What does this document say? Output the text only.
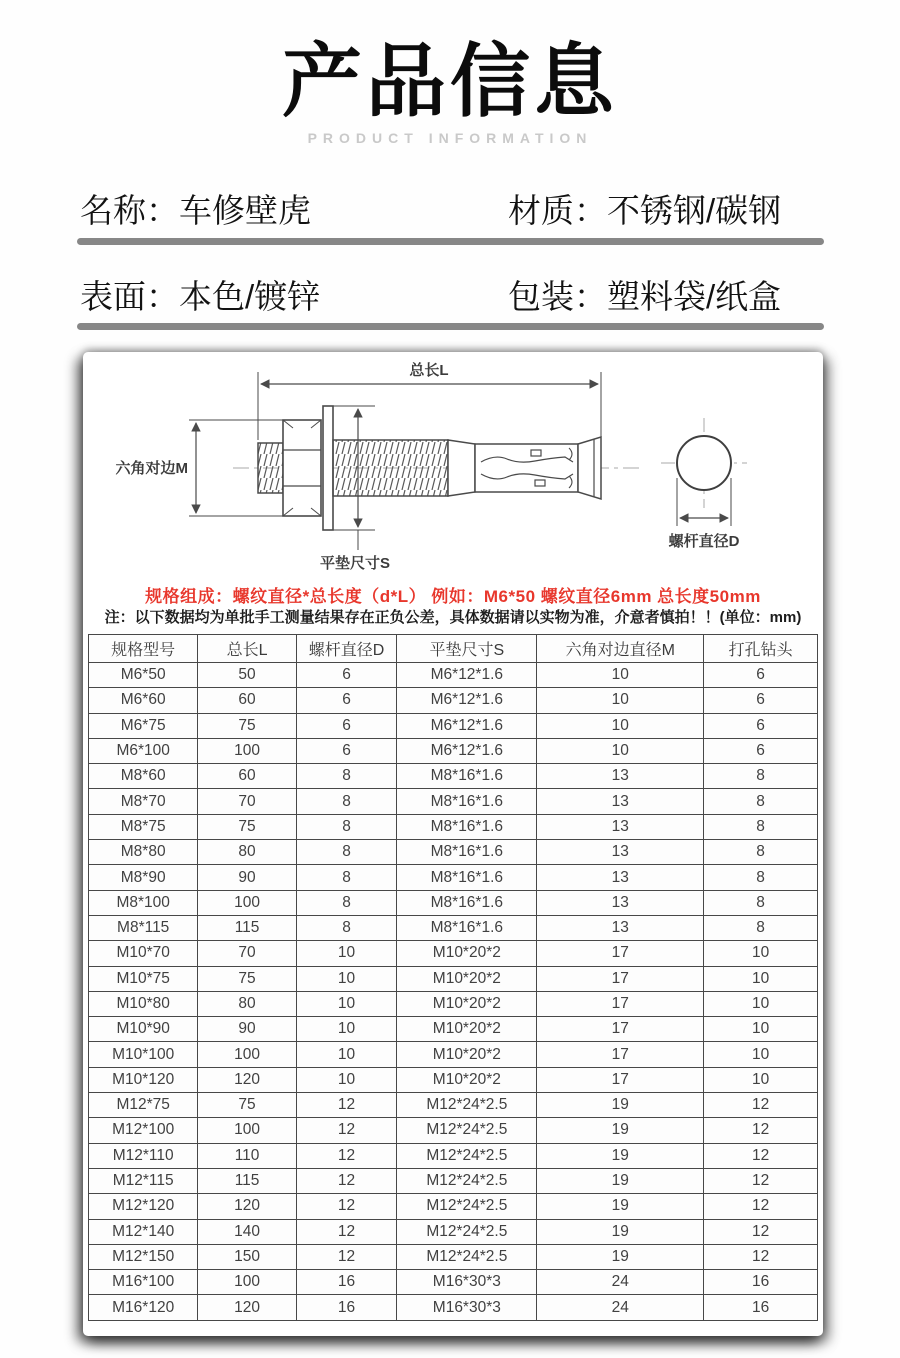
产品信息
PRODUCT INFORMATION
名称：车修壁虎	材质：不锈钢/碳钢
表面：本色/镀锌	包装：塑料袋/纸盒
总长L
六角对边M
平垫尺寸S
螺杆直径D
规格组成：螺纹直径*总长度（d*L） 例如：M6*50 螺纹直径6mm 总长度50mm
注：以下数据均为单批手工测量结果存在正负公差，具体数据请以实物为准，介意者慎拍！！(单位：mm)
规格型号	总长L	螺杆直径D	平垫尺寸S	六角对边直径M	打孔钻头
M6*50	50	6	M6*12*1.6	10	6
M6*60	60	6	M6*12*1.6	10	6
M6*75	75	6	M6*12*1.6	10	6
M6*100	100	6	M6*12*1.6	10	6
M8*60	60	8	M8*16*1.6	13	8
M8*70	70	8	M8*16*1.6	13	8
M8*75	75	8	M8*16*1.6	13	8
M8*80	80	8	M8*16*1.6	13	8
M8*90	90	8	M8*16*1.6	13	8
M8*100	100	8	M8*16*1.6	13	8
M8*115	115	8	M8*16*1.6	13	8
M10*70	70	10	M10*20*2	17	10
M10*75	75	10	M10*20*2	17	10
M10*80	80	10	M10*20*2	17	10
M10*90	90	10	M10*20*2	17	10
M10*100	100	10	M10*20*2	17	10
M10*120	120	10	M10*20*2	17	10
M12*75	75	12	M12*24*2.5	19	12
M12*100	100	12	M12*24*2.5	19	12
M12*110	110	12	M12*24*2.5	19	12
M12*115	115	12	M12*24*2.5	19	12
M12*120	120	12	M12*24*2.5	19	12
M12*140	140	12	M12*24*2.5	19	12
M12*150	150	12	M12*24*2.5	19	12
M16*100	100	16	M16*30*3	24	16
M16*120	120	16	M16*30*3	24	16
